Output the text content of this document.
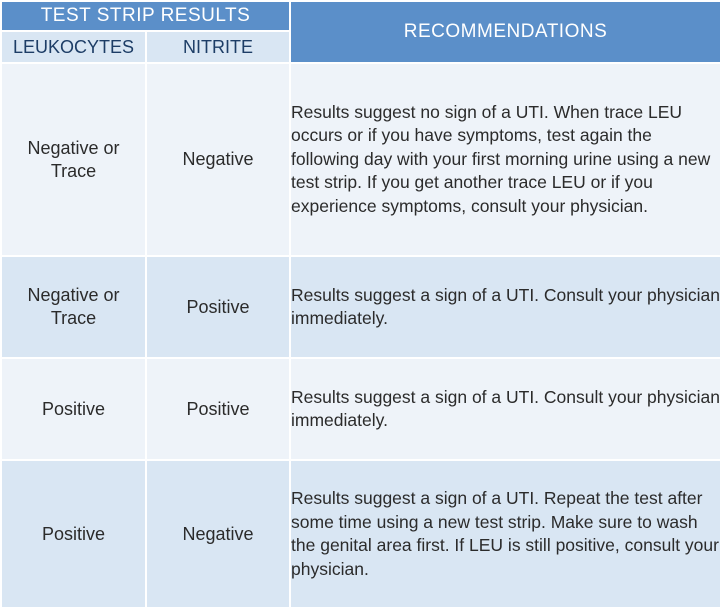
TEST STRIP RESULTS		RECOMMENDATIONS
LEUKOCYTES	NITRITE	

Negative or Trace	Negative	Results suggest no sign of a UTI. When trace LEU occurs or if you have symptoms, test again the following day with your first morning urine using a new test strip. If you get another trace LEU or if you experience symptoms, consult your physician.

Negative or Trace	Positive	Results suggest a sign of a UTI. Consult your physician immediately.
Positive	Positive	Results suggest a sign of a UTI. Consult your physician immediately.
Positive	Negative	Results suggest a sign of a UTI. Repeat the test after some time using a new test strip. Make sure to wash the genital area first. If LEU is still positive, consult your physician.
